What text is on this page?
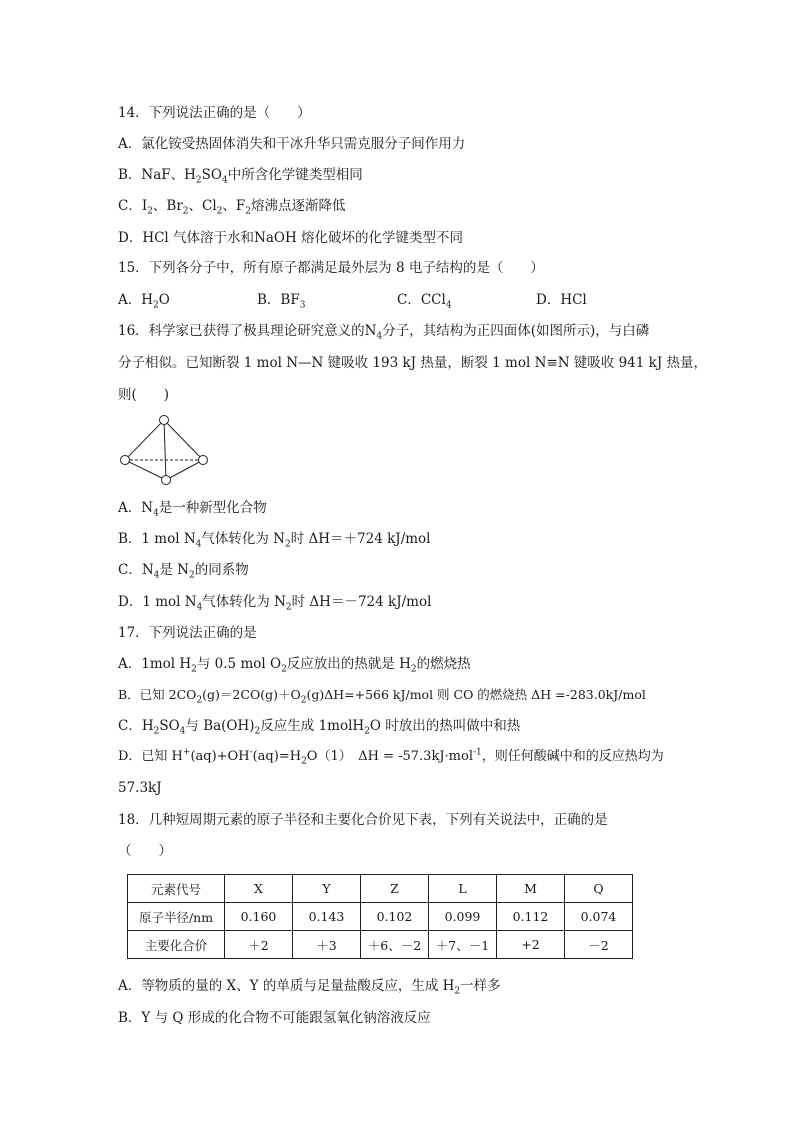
14．下列说法正确的是（　　）
A．氯化铵受热固体消失和干冰升华只需克服分子间作用力
B．NaF、$H_2SO_4$中所含化学键类型相同
C．$I_2$、$Br_2$、$Cl_2$、$F_2$熔沸点逐渐降低
D．HCl 气体溶于水和NaOH 熔化破坏的化学键类型不同
15．下列各分子中，所有原子都满足最外层为 8 电子结构的是（　　）
A．$H_2O$	B．$BF_3$	C．CCl$_4$	D．HCl
16．科学家已获得了极具理论研究意义的$N_4$分子，其结构为正四面体(如图所示)，与白磷
分子相似。已知断裂 1 mol N—N 键吸收 193 kJ 热量，断裂 1 mol N≡N 键吸收 941 kJ 热量，
则(　　)
A．$N_4$是一种新型化合物
B．1 mol $N_4$气体转化为 $N_2$时 ΔH＝＋724 kJ/mol
C．$N_4$是 $N_2$的同系物
D．1 mol $N_4$气体转化为 $N_2$时 ΔH＝－724 kJ/mol
17．下列说法正确的是
A．1mol $H_2$与 0.5 mol $O_2$反应放出的热就是 $H_2$的燃烧热
B．已知 $2CO_2(g)=2CO(g)+O_2(g)\Delta H=+566$ kJ/mol 则 CO 的燃烧热 ΔH =-283.0kJ/mol
C．$H_2SO_4$与 $Ba(OH)_2$反应生成 1molH$_2$O 时放出的热叫做中和热
D．已知 $H^+(aq)+OH^-(aq)=H_2O(1)$　ΔH = -57.3kJ·mol$^{-1}$，则任何酸碱中和的反应热均为
57.3kJ
18．几种短周期元素的原子半径和主要化合价见下表，下列有关说法中，正确的是
（　　）
元素代号	X	Y	Z	L	M	Q
原子半径/nm	0.160	0.143	0.102	0.099	0.112	0.074
主要化合价	＋2	＋3	＋6、－2	＋7、－1	+2	－2
A．等物质的量的 X、Y 的单质与足量盐酸反应，生成 $H_2$一样多
B．Y 与 Q 形成的化合物不可能跟氢氧化钠溶液反应
